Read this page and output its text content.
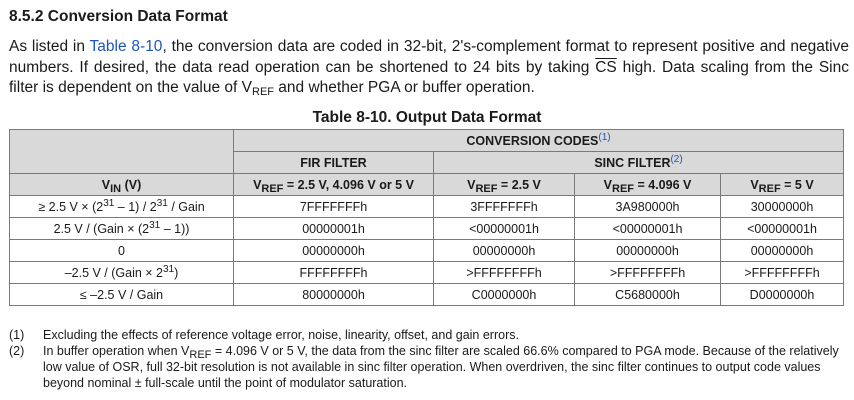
8.5.2 Conversion Data Format
As listed in Table 8-10, the conversion data are coded in 32-bit, 2's-complement format to represent positive and negative numbers. If desired, the data read operation can be shortened to 24 bits by taking $\overline{CS}$ high. Data scaling from the Sinc filter is dependent on the value of $V_{REF}$ and whether PGA or buffer operation.
Table 8-10. Output Data Format
	CONVERSION CODES$^{(1)}$
	FIR FILTER	SINC FILTER$^{(2)}$
$V_{IN}$ (V)	$V_{REF} = 2.5$ V, 4.096 V or 5 V	$V_{REF} = 2.5$ V	$V_{REF} = 4.096$ V	$V_{REF} = 5$ V
≥ 2.5 $V \times (2^{31} - 1) / 2^{31}$ / Gain	7FFFFFFFh	3FFFFFFFh	3A980000h	30000000h
2.5 V / (Gain × $(2^{31} - 1)$)	00000001h	<00000001h	<00000001h	<00000001h
0	00000000h	00000000h	00000000h	00000000h
–2.5 V / (Gain × $2^{31}$)	FFFFFFFFh	>FFFFFFFFh	>FFFFFFFFh	>FFFFFFFFh
≤ –2.5 V / Gain	80000000h	C0000000h	C5680000h	D0000000h
(1)	Excluding the effects of reference voltage error, noise, linearity, offset, and gain errors.
(2)	In buffer operation when $V_{REF} = 4.096$ V or 5 V, the data from the sinc filter are scaled 66.6% compared to PGA mode. Because of the relatively low value of OSR, full 32-bit resolution is not available in sinc filter operation. When overdriven, the sinc filter continues to output code values beyond nominal ± full-scale until the point of modulator saturation.
